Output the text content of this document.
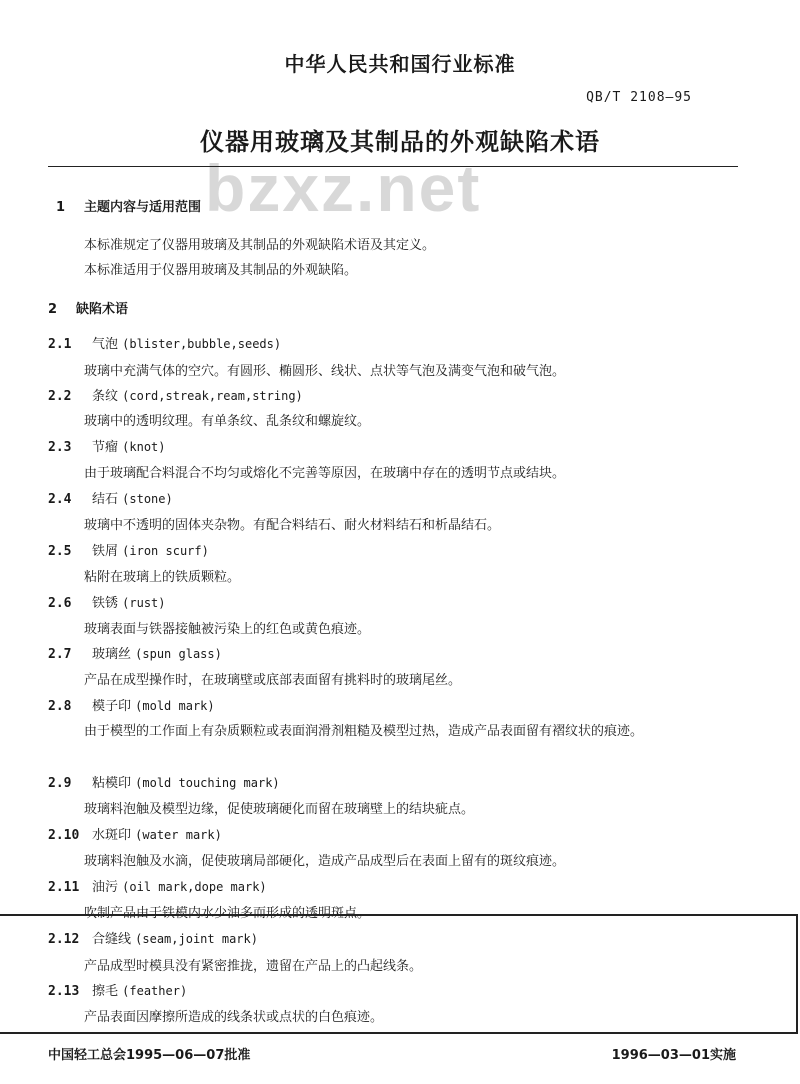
中华人民共和国行业标准
QB/T 2108—95
仪器用玻璃及其制品的外观缺陷术语
bzxz.net
1 主题内容与适用范围
本标准规定了仪器用玻璃及其制品的外观缺陷术语及其定义。
本标准适用于仪器用玻璃及其制品的外观缺陷。
2 缺陷术语
2.1 气泡 (blister,bubble,seeds)
玻璃中充满气体的空穴。有圆形、椭圆形、线状、点状等气泡及满变气泡和破气泡。
2.2 条纹 (cord,streak,ream,string)
玻璃中的透明纹理。有单条纹、乱条纹和螺旋纹。
2.3 节瘤 (knot)
由于玻璃配合料混合不均匀或熔化不完善等原因，在玻璃中存在的透明节点或结块。
2.4 结石 (stone)
玻璃中不透明的固体夹杂物。有配合料结石、耐火材料结石和析晶结石。
2.5 铁屑 (iron scurf)
粘附在玻璃上的铁质颗粒。
2.6 铁锈 (rust)
玻璃表面与铁器接触被污染上的红色或黄色痕迹。
2.7 玻璃丝 (spun glass)
产品在成型操作时，在玻璃壁或底部表面留有挑料时的玻璃尾丝。
2.8 模子印 (mold mark)
由于模型的工作面上有杂质颗粒或表面润滑剂粗糙及模型过热，造成产品表面留有褶纹状的痕迹。
2.9 粘模印 (mold touching mark)
玻璃料泡触及模型边缘，促使玻璃硬化而留在玻璃壁上的结块疵点。
2.10 水斑印 (water mark)
玻璃料泡触及水滴，促使玻璃局部硬化，造成产品成型后在表面上留有的斑纹痕迹。
2.11 油污 (oil mark,dope mark)
吹制产品由于铁模内水少油多而形成的透明斑点。
2.12 合缝线 (seam,joint mark)
产品成型时模具没有紧密推拢，遗留在产品上的凸起线条。
2.13 擦毛 (feather)
产品表面因摩擦所造成的线条状或点状的白色痕迹。
中国轻工总会1995—06—07批准	1996—03—01实施
